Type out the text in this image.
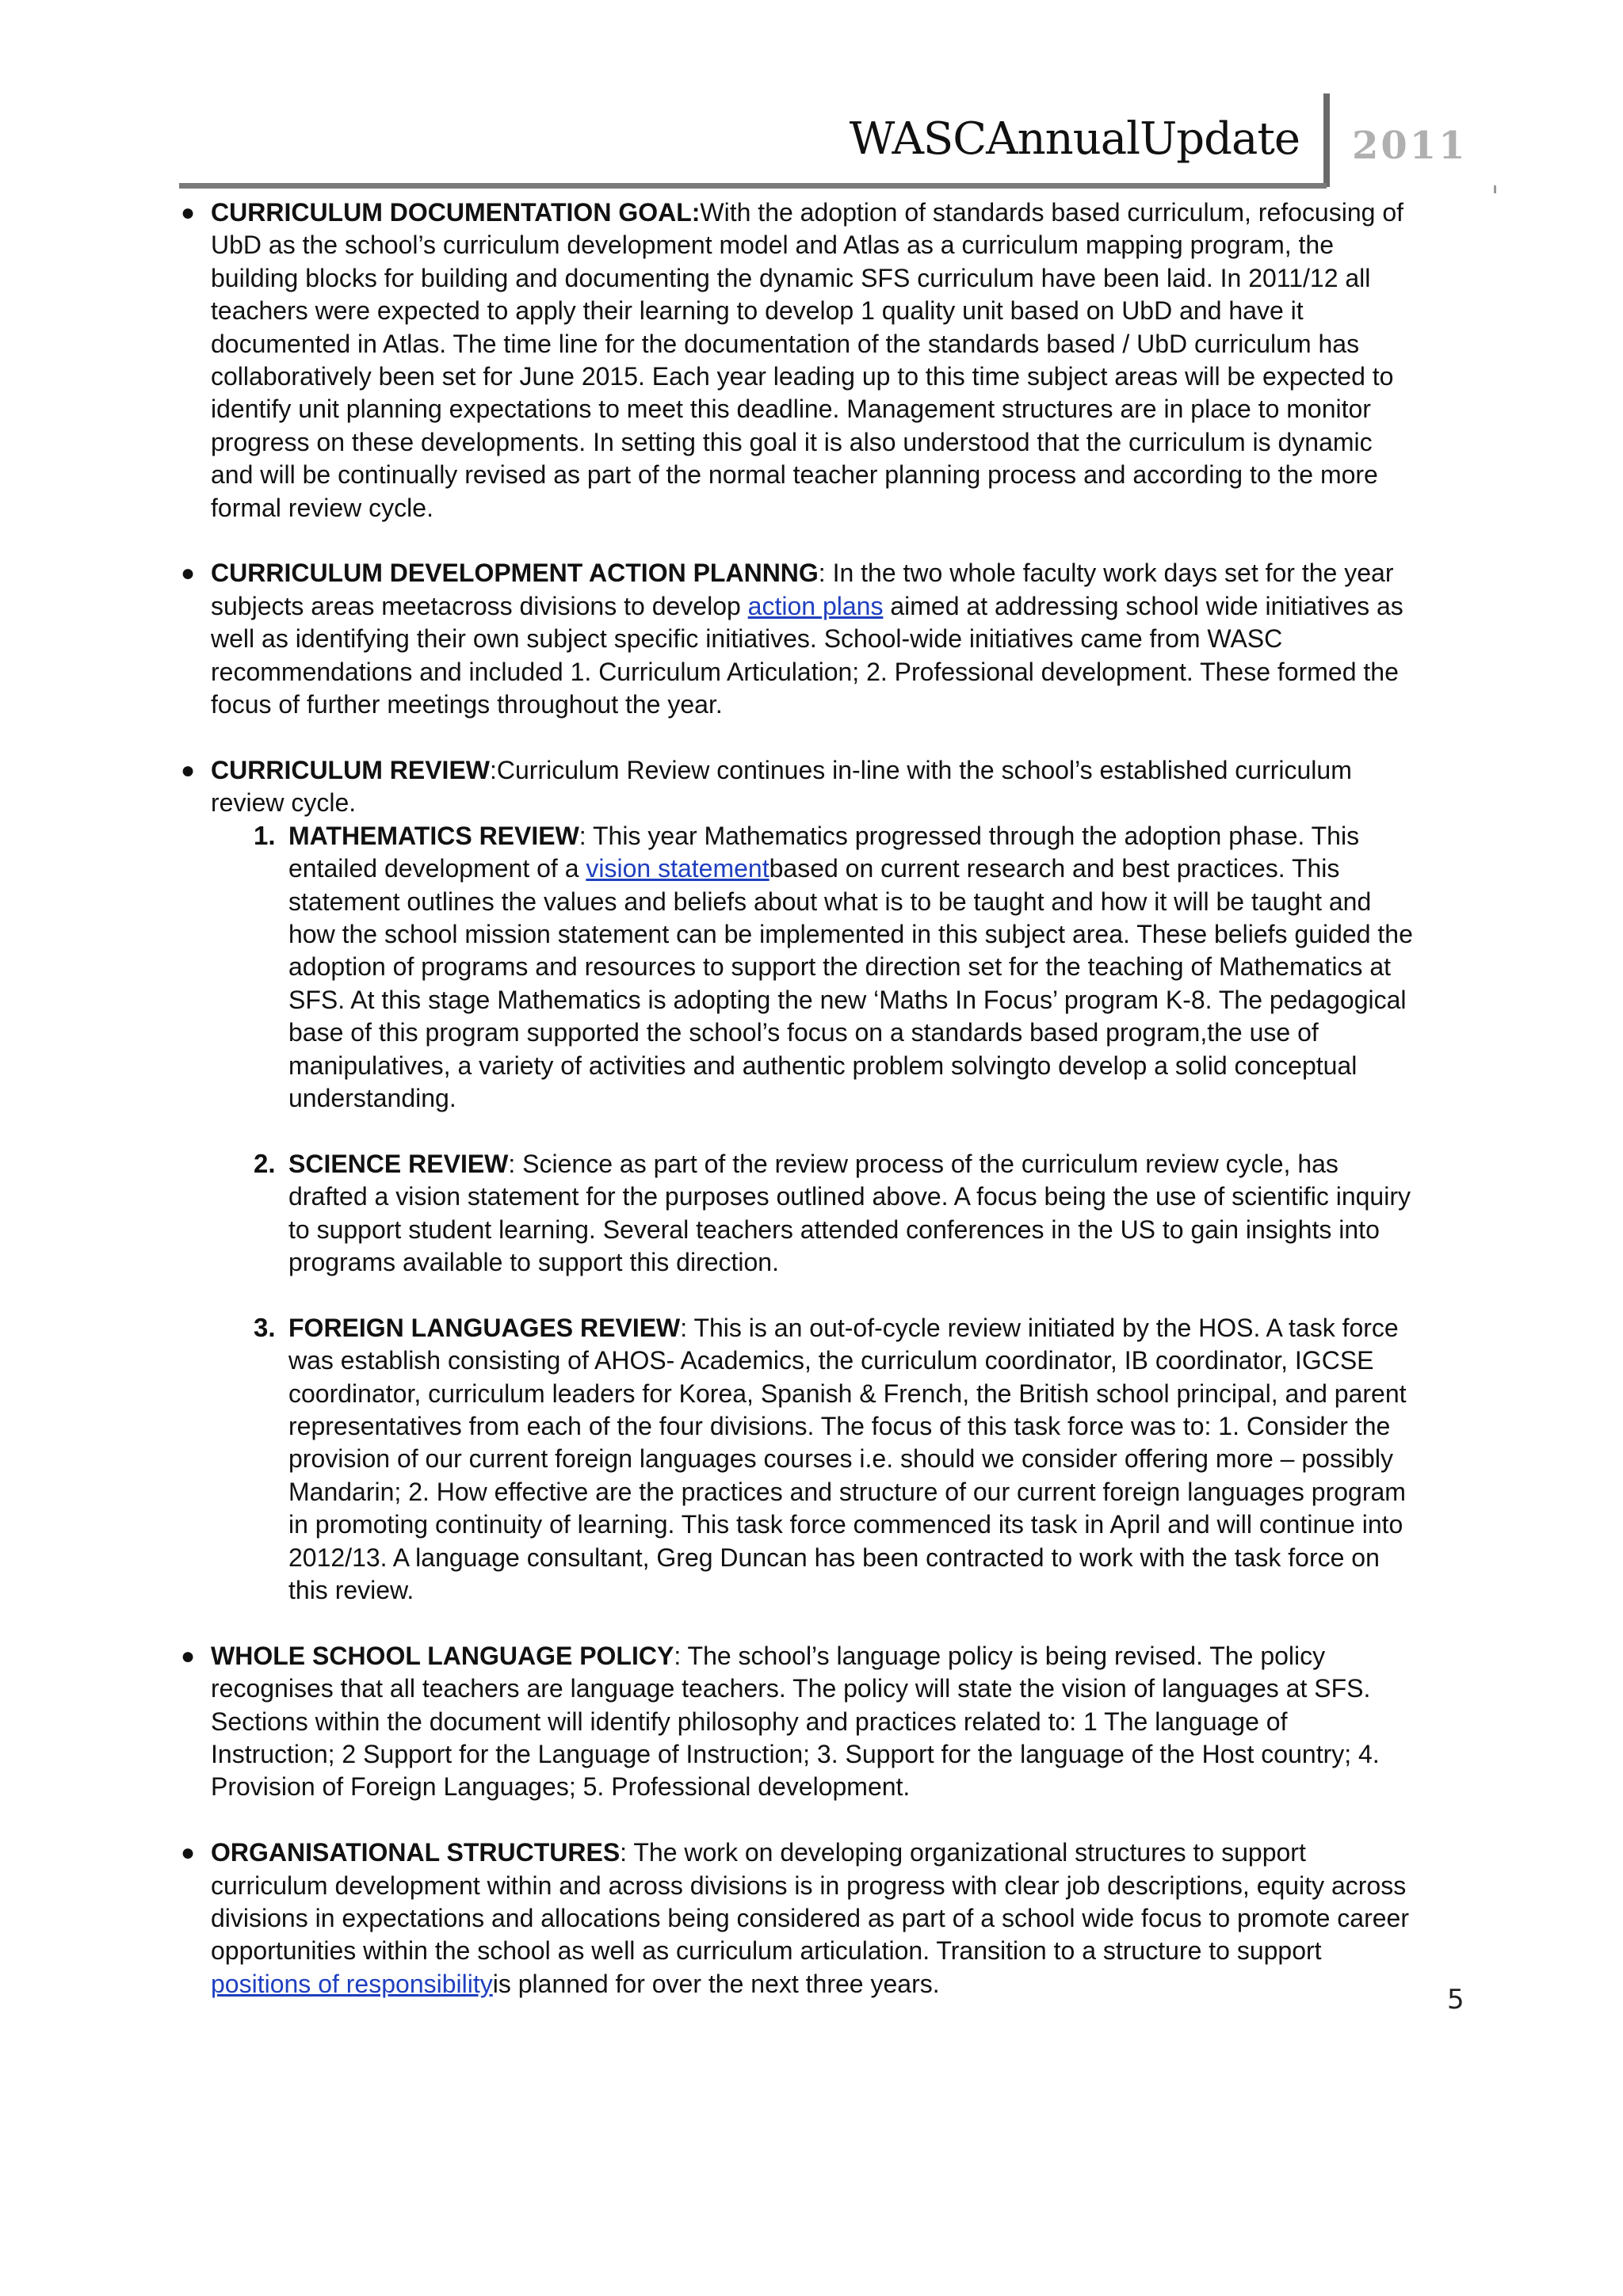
WASCAnnualUpdate 2011
● CURRICULUM DOCUMENTATION GOAL:With the adoption of standards based curriculum, refocusing of UbD as the school’s curriculum development model and Atlas as a curriculum mapping program, the building blocks for building and documenting the dynamic SFS curriculum have been laid. In 2011/12 all teachers were expected to apply their learning to develop 1 quality unit based on UbD and have it documented in Atlas. The time line for the documentation of the standards based / UbD curriculum has collaboratively been set for June 2015. Each year leading up to this time subject areas will be expected to identify unit planning expectations to meet this deadline. Management structures are in place to monitor progress on these developments. In setting this goal it is also understood that the curriculum is dynamic and will be continually revised as part of the normal teacher planning process and according to the more formal review cycle.

● CURRICULUM DEVELOPMENT ACTION PLANNNG: In the two whole faculty work days set for the year subjects areas meetacross divisions to develop action plans aimed at addressing school wide initiatives as well as identifying their own subject specific initiatives. School-wide initiatives came from WASC recommendations and included 1. Curriculum Articulation; 2. Professional development. These formed the focus of further meetings throughout the year.

● CURRICULUM REVIEW:Curriculum Review continues in-line with the school’s established curriculum review cycle.

1. MATHEMATICS REVIEW: This year Mathematics progressed through the adoption phase. This entailed development of a vision statementbased on current research and best practices. This statement outlines the values and beliefs about what is to be taught and how it will be taught and how the school mission statement can be implemented in this subject area. These beliefs guided the adoption of programs and resources to support the direction set for the teaching of Mathematics at SFS. At this stage Mathematics is adopting the new ‘Maths In Focus’ program K-8. The pedagogical base of this program supported the school’s focus on a standards based program,the use of manipulatives, a variety of activities and authentic problem solvingto develop a solid conceptual understanding.
2. SCIENCE REVIEW: Science as part of the review process of the curriculum review cycle, has drafted a vision statement for the purposes outlined above. A focus being the use of scientific inquiry to support student learning. Several teachers attended conferences in the US to gain insights into programs available to support this direction.
3. FOREIGN LANGUAGES REVIEW: This is an out-of-cycle review initiated by the HOS. A task force was establish consisting of AHOS- Academics, the curriculum coordinator, IB coordinator, IGCSE coordinator, curriculum leaders for Korea, Spanish & French, the British school principal, and parent representatives from each of the four divisions. The focus of this task force was to: 1. Consider the provision of our current foreign languages courses i.e. should we consider offering more – possibly Mandarin; 2. How effective are the practices and structure of our current foreign languages program in promoting continuity of learning. This task force commenced its task in April and will continue into 2012/13. A language consultant, Greg Duncan has been contracted to work with the task force on this review.
● WHOLE SCHOOL LANGUAGE POLICY: The school’s language policy is being revised. The policy recognises that all teachers are language teachers. The policy will state the vision of languages at SFS. Sections within the document will identify philosophy and practices related to: 1 The language of Instruction; 2 Support for the Language of Instruction; 3. Support for the language of the Host country; 4. Provision of Foreign Languages; 5. Professional development.

● ORGANISATIONAL STRUCTURES: The work on developing organizational structures to support curriculum development within and across divisions is in progress with clear job descriptions, equity across divisions in expectations and allocations being considered as part of a school wide focus to promote career opportunities within the school as well as curriculum articulation. Transition to a structure to support positions of responsibilityis planned for over the next three years.

5
